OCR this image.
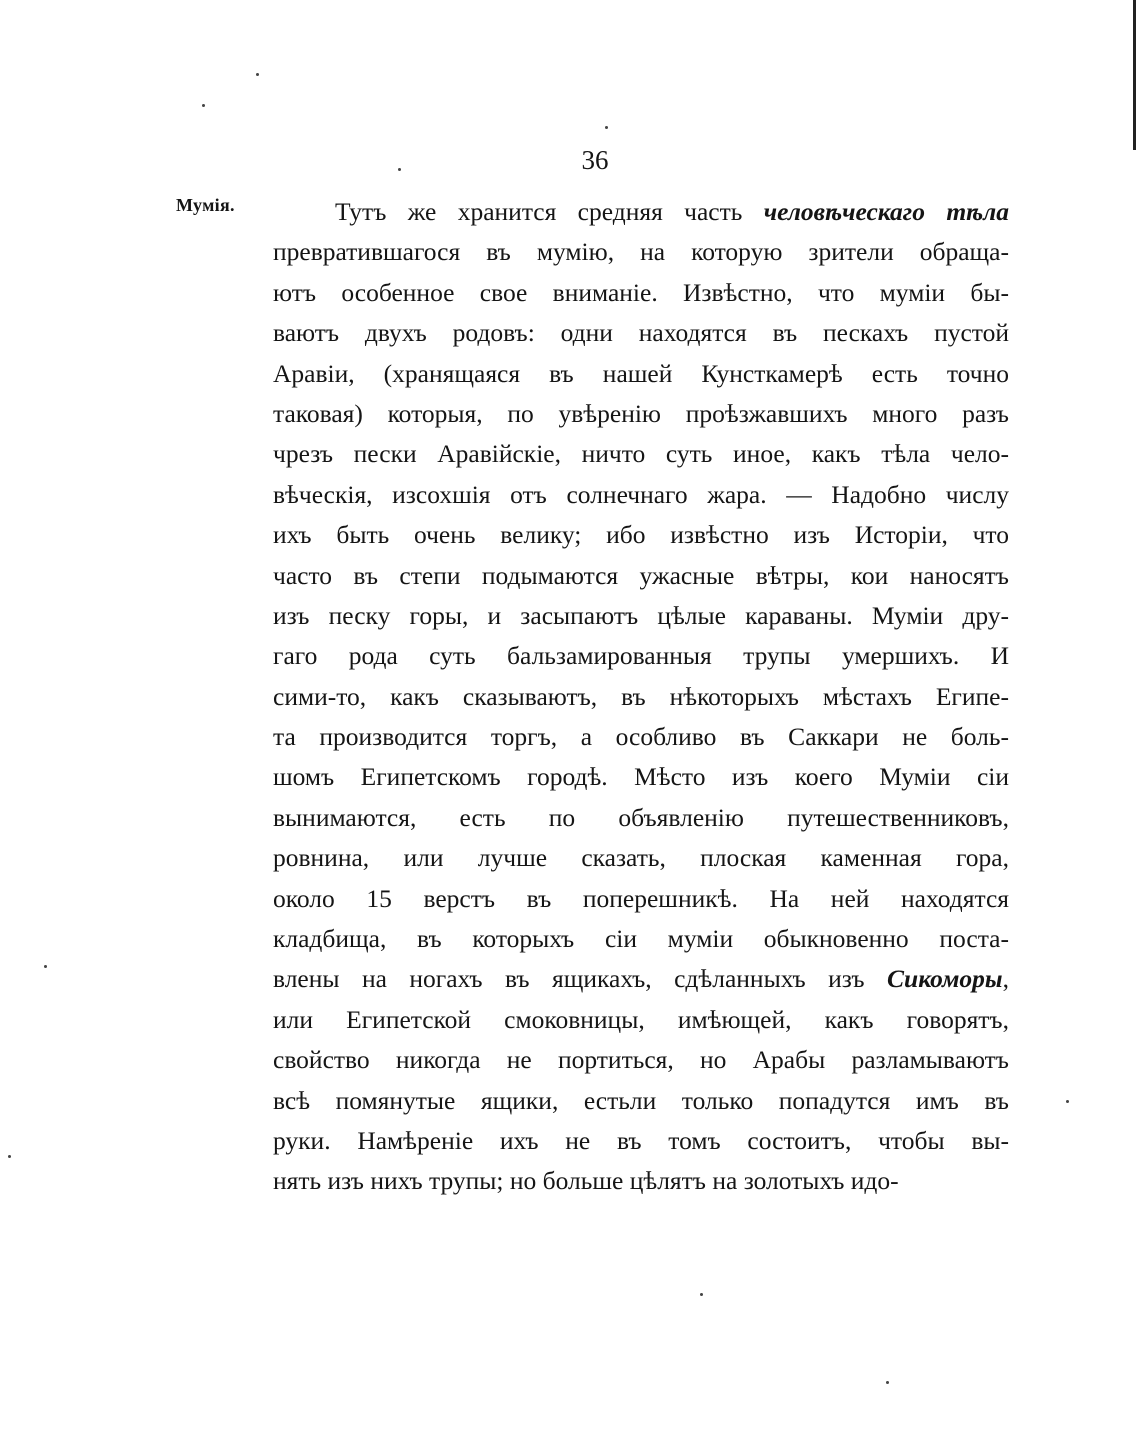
36
Мумія.	Тутъ же хранится средняя часть человѣческаго тѣла
превратившагося въ мумію, на которую зрители обраща-
ютъ особенное свое вниманіе. Извѣстно, что муміи бы-
ваютъ двухъ родовъ: одни находятся въ пескахъ пустой
Аравіи, (хранящаяся въ нашей Кунсткамерѣ есть точно
таковая) которыя, по увѣренію проѣзжавшихъ много разъ
чрезъ пески Аравійскіе, ничто суть иное, какъ тѣла чело-
вѣческія, изсохшія отъ солнечнаго жара. — Надобно числу
ихъ быть очень велику; ибо извѣстно изъ Исторіи, что
часто въ степи подымаются ужасные вѣтры, кои наносятъ
изъ песку горы, и засыпаютъ цѣлые караваны. Муміи дру-
гаго рода суть бальзамированныя трупы умершихъ. И
сими-то, какъ сказываютъ, въ нѣкоторыхъ мѣстахъ Египе-
та производится торгъ, а особливо въ Саккари не боль-
шомъ Египетскомъ городѣ. Мѣсто изъ коего Муміи сіи
вынимаются, есть по объявленію путешественниковъ,
ровнина, или лучше сказать, плоская каменная гора,
около 15 верстъ въ поперешникѣ. На ней находятся
кладбища, въ которыхъ сіи муміи обыкновенно поста-
влены на ногахъ въ ящикахъ, сдѣланныхъ изъ Сикоморы,
или Египетской смоковницы, имѣющей, какъ говорятъ,
свойство никогда не портиться, но Арабы разламываютъ
всѣ помянутые ящики, естьли только попадутся имъ въ
руки. Намѣреніе ихъ не въ томъ состоитъ, чтобы вы-
нять изъ нихъ трупы; но больше цѣлятъ на золотыхъ идо-
